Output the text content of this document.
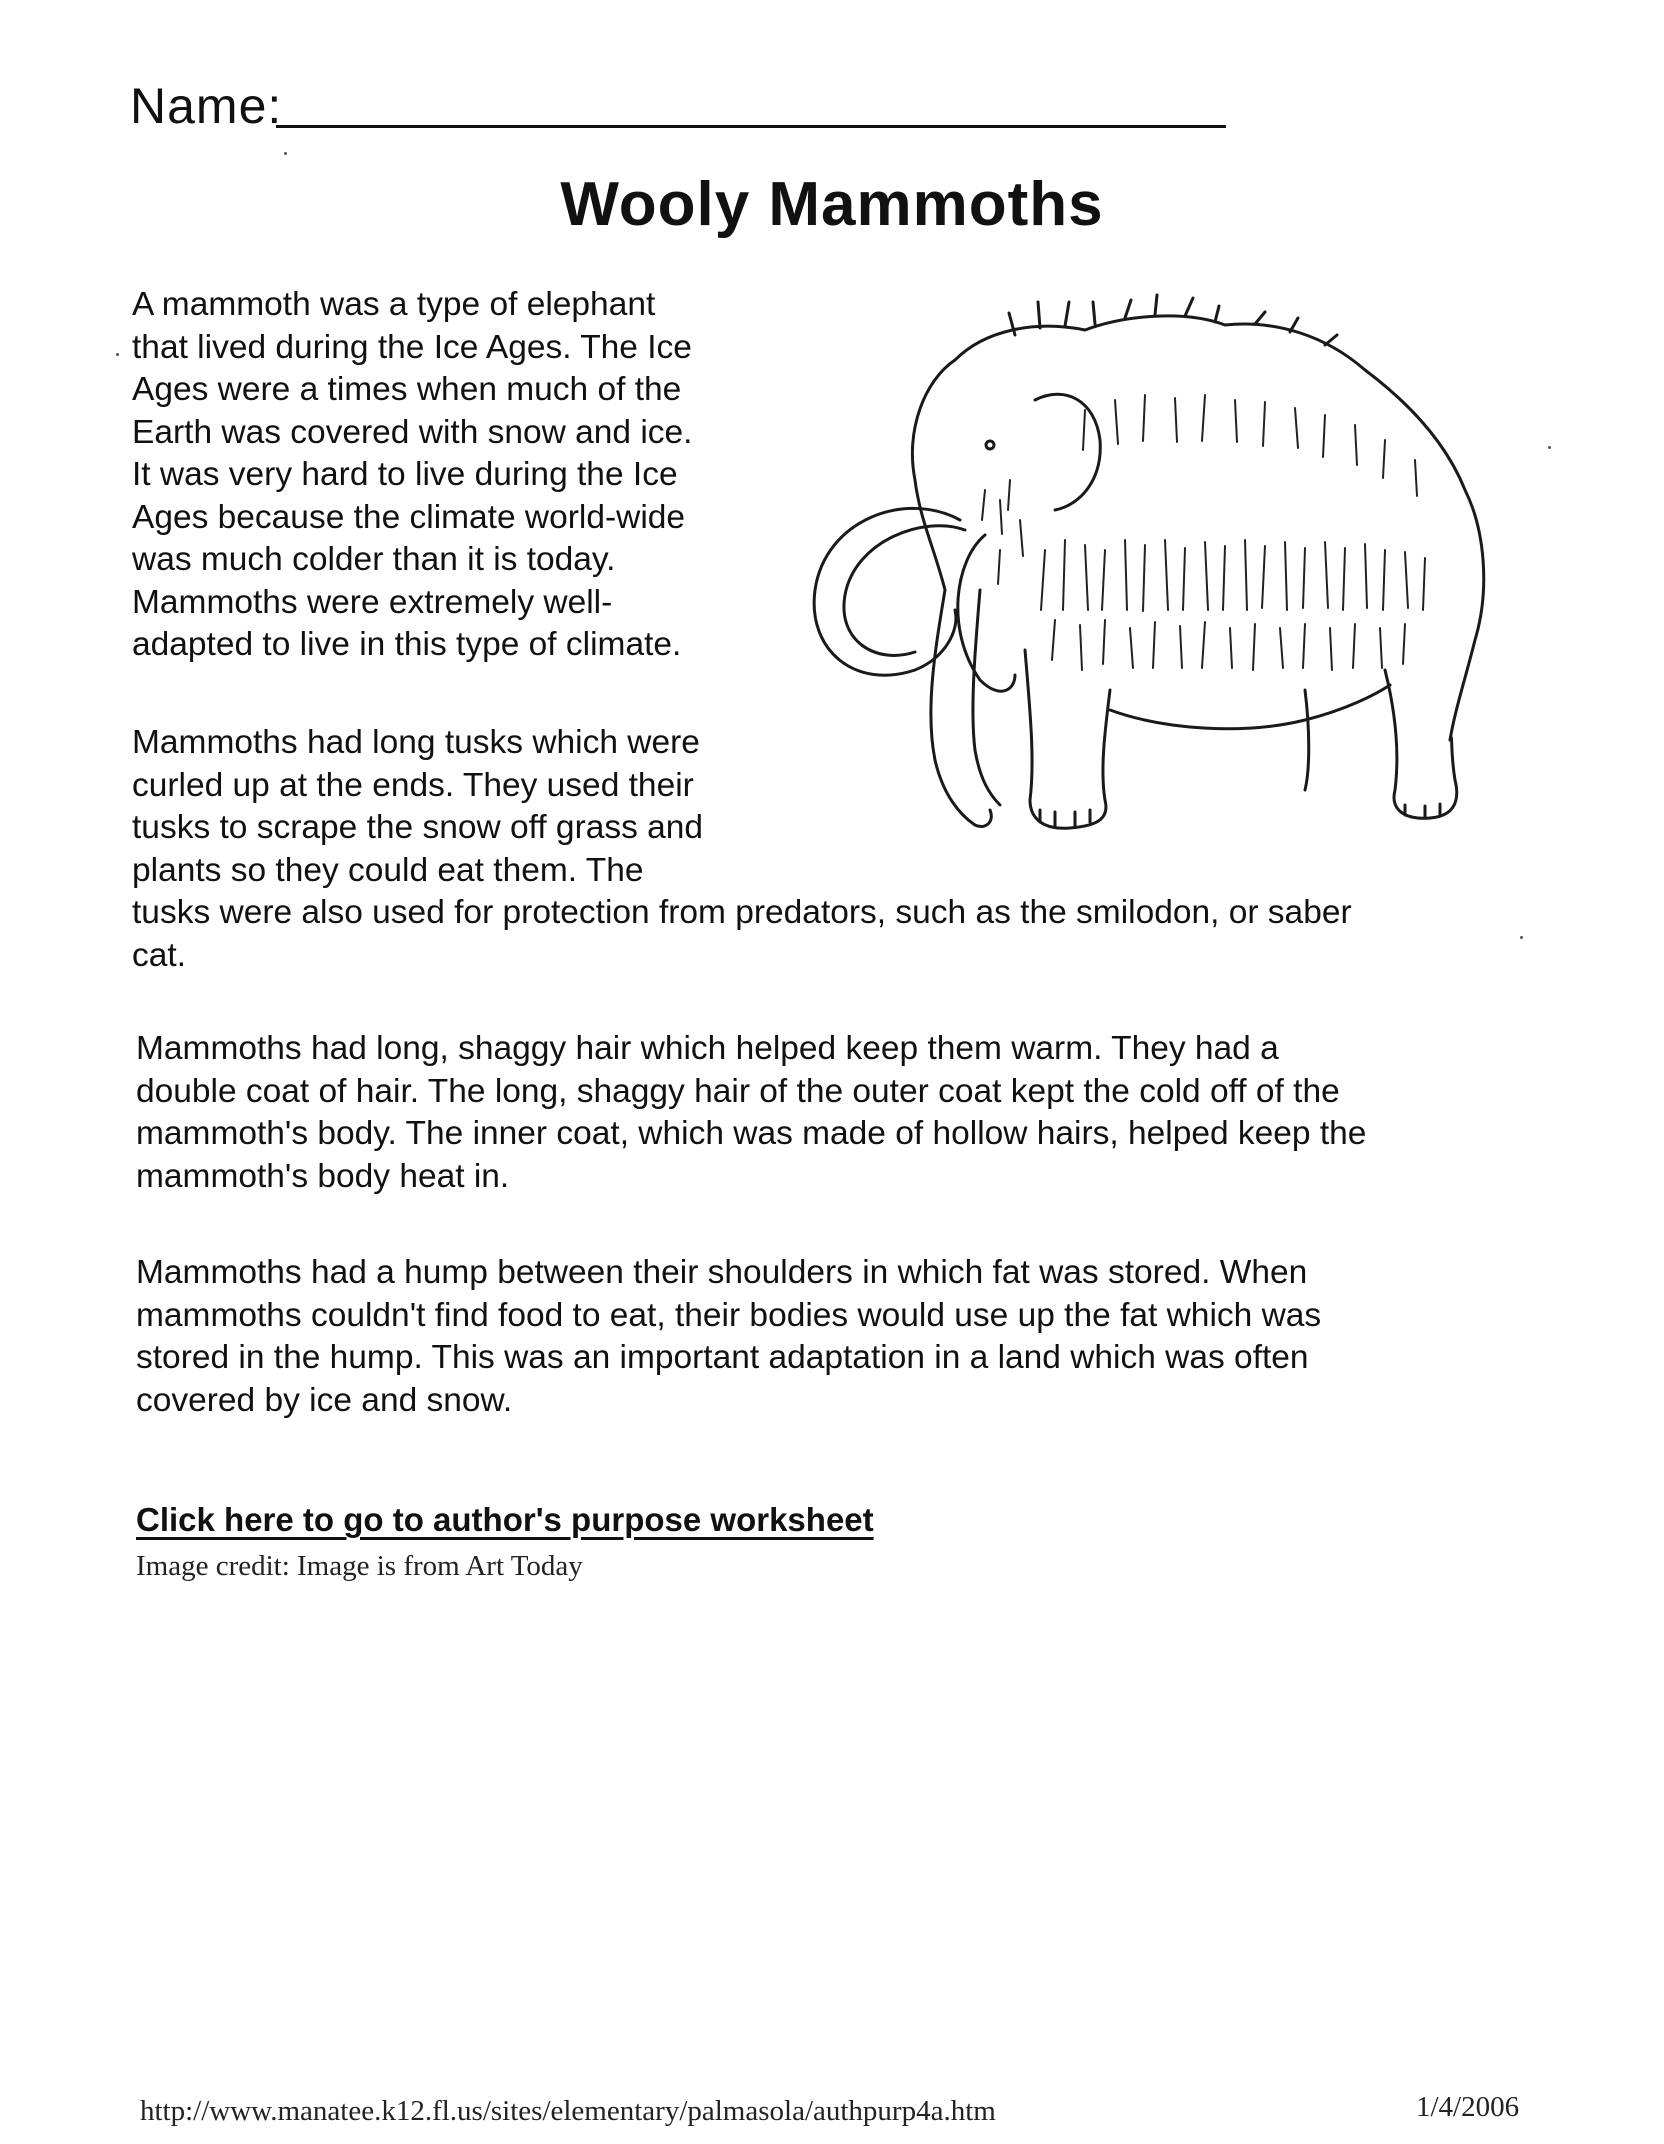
Name:
Wooly Mammoths
A mammoth was a type of elephant
that lived during the Ice Ages. The Ice
Ages were a times when much of the
Earth was covered with snow and ice.
It was very hard to live during the Ice
Ages because the climate world-wide
was much colder than it is today.
Mammoths were extremely well-
adapted to live in this type of climate.
Mammoths had long tusks which were
curled up at the ends. They used their
tusks to scrape the snow off grass and
plants so they could eat them. The
tusks were also used for protection from predators, such as the smilodon, or saber
cat.
Mammoths had long, shaggy hair which helped keep them warm. They had a
double coat of hair. The long, shaggy hair of the outer coat kept the cold off of the
mammoth's body. The inner coat, which was made of hollow hairs, helped keep the
mammoth's body heat in.
Mammoths had a hump between their shoulders in which fat was stored. When
mammoths couldn't find food to eat, their bodies would use up the fat which was
stored in the hump. This was an important adaptation in a land which was often
covered by ice and snow.
Click here to go to author's purpose worksheet
Image credit: Image is from Art Today
http://www.manatee.k12.fl.us/sites/elementary/palmasola/authpurp4a.htm	1/4/2006
